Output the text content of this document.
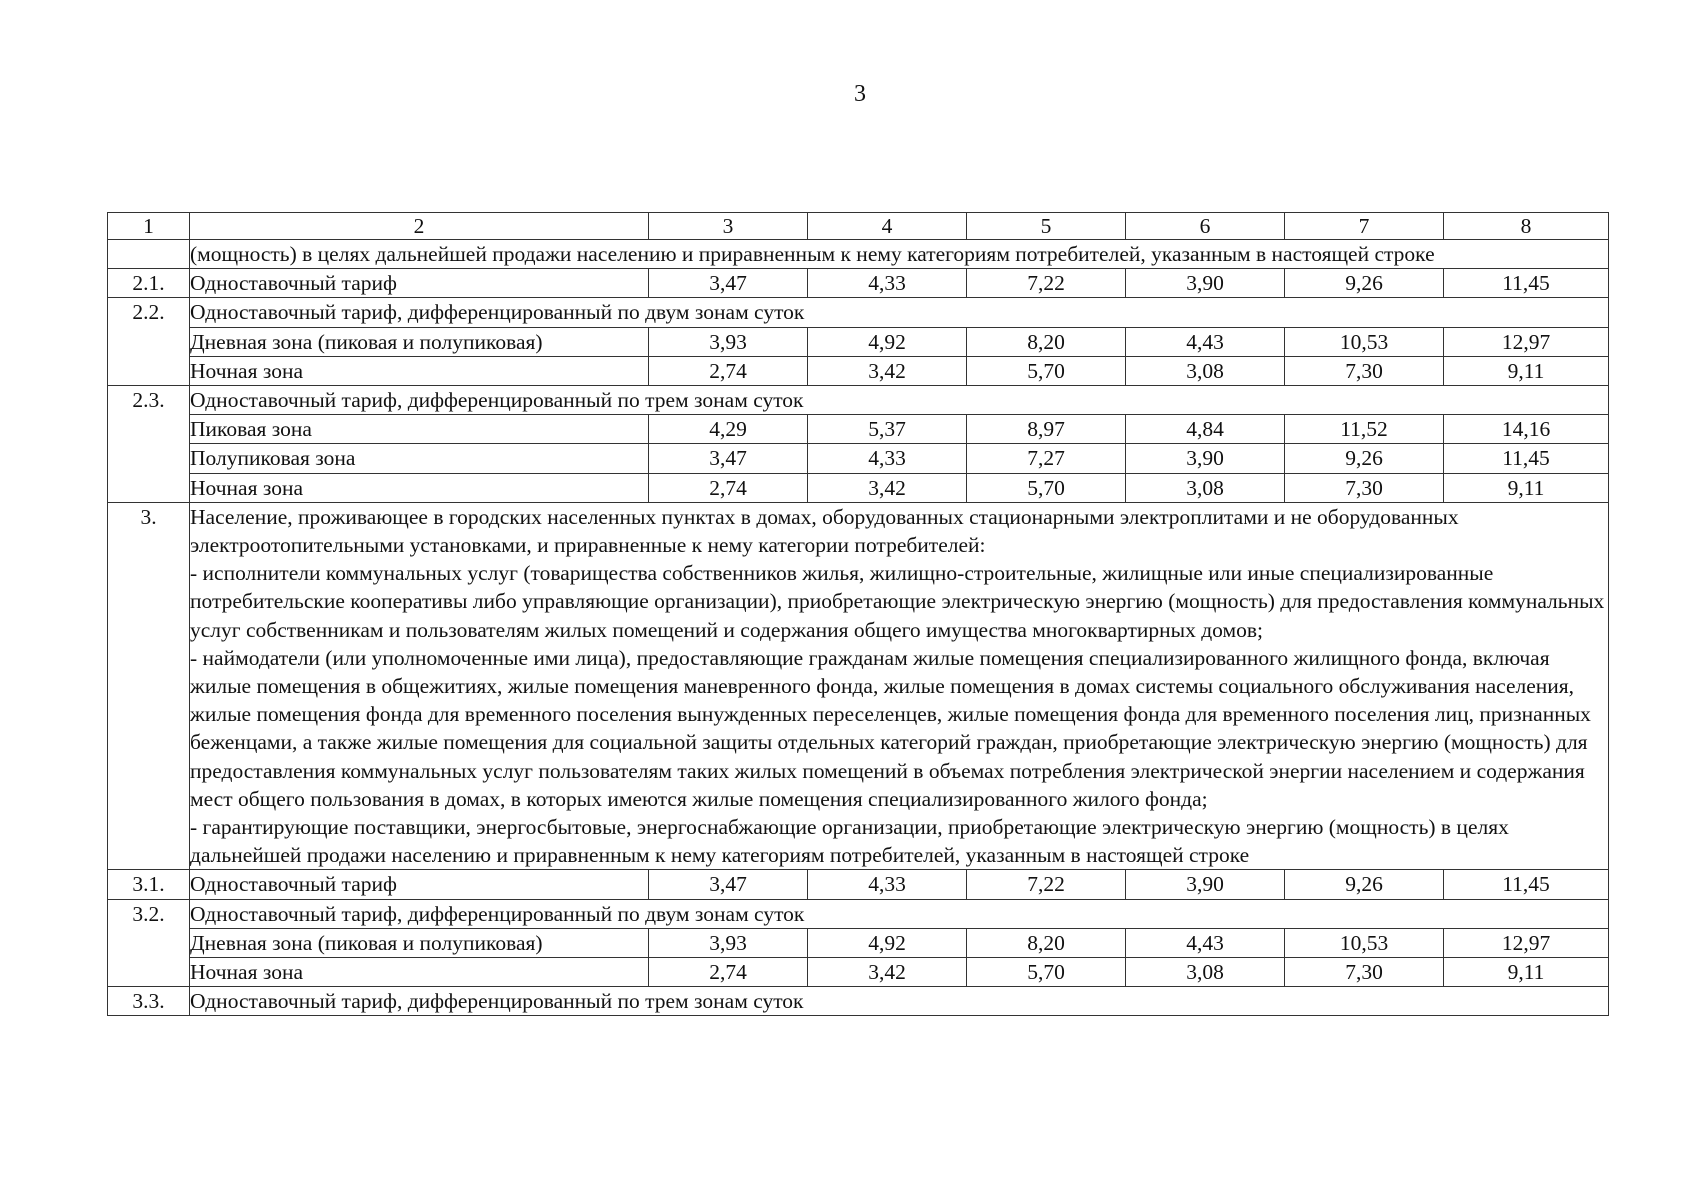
3
1	2	3	4	5	6	7	8
	(мощность) в целях дальнейшей продажи населению и приравненным к нему категориям потребителей, указанным в настоящей строке						
2.1.	Одноставочный тариф	3,47	4,33	7,22	3,90	9,26	11,45
2.2.	Одноставочный тариф, дифференцированный по двум зонам суток						
	Дневная зона (пиковая и полупиковая)	3,93	4,92	8,20	4,43	10,53	12,97
	Ночная зона	2,74	3,42	5,70	3,08	7,30	9,11
2.3.	Одноставочный тариф, дифференцированный по трем зонам суток						
	Пиковая зона	4,29	5,37	8,97	4,84	11,52	14,16
	Полупиковая зона	3,47	4,33	7,27	3,90	9,26	11,45
	Ночная зона	2,74	3,42	5,70	3,08	7,30	9,11
3.	Население, проживающее в городских населенных пунктах в домах, оборудованных стационарными электроплитами и не оборудованных электроотопительными установками, и приравненные к нему категории потребителей:
- исполнители коммунальных услуг (товарищества собственников жилья, жилищно-строительные, жилищные или иные специализированные потребительские кооперативы либо управляющие организации), приобретающие электрическую энергию (мощность) для предоставления коммунальных услуг собственникам и пользователям жилых помещений и содержания общего имущества многоквартирных домов;
- наймодатели (или уполномоченные ими лица), предоставляющие гражданам жилые помещения специализированного жилищного фонда, включая жилые помещения в общежитиях, жилые помещения маневренного фонда, жилые помещения в домах системы социального обслуживания населения, жилые помещения фонда для временного поселения вынужденных переселенцев, жилые помещения фонда для временного поселения лиц, признанных беженцами, а также жилые помещения для социальной защиты отдельных категорий граждан, приобретающие электрическую энергию (мощность) для предоставления коммунальных услуг пользователям таких жилых помещений в объемах потребления электрической энергии населением и содержания мест общего пользования в домах, в которых имеются жилые помещения специализированного жилого фонда;
- гарантирующие поставщики, энергосбытовые, энергоснабжающие организации, приобретающие электрическую энергию (мощность) в целях дальнейшей продажи населению и приравненным к нему категориям потребителей, указанным в настоящей строке						

3.1.	Одноставочный тариф	3,47	4,33	7,22	3,90	9,26	11,45
3.2.	Одноставочный тариф, дифференцированный по двум зонам суток						
	Дневная зона (пиковая и полупиковая)	3,93	4,92	8,20	4,43	10,53	12,97
	Ночная зона	2,74	3,42	5,70	3,08	7,30	9,11
3.3.	Одноставочный тариф, дифференцированный по трем зонам суток						
